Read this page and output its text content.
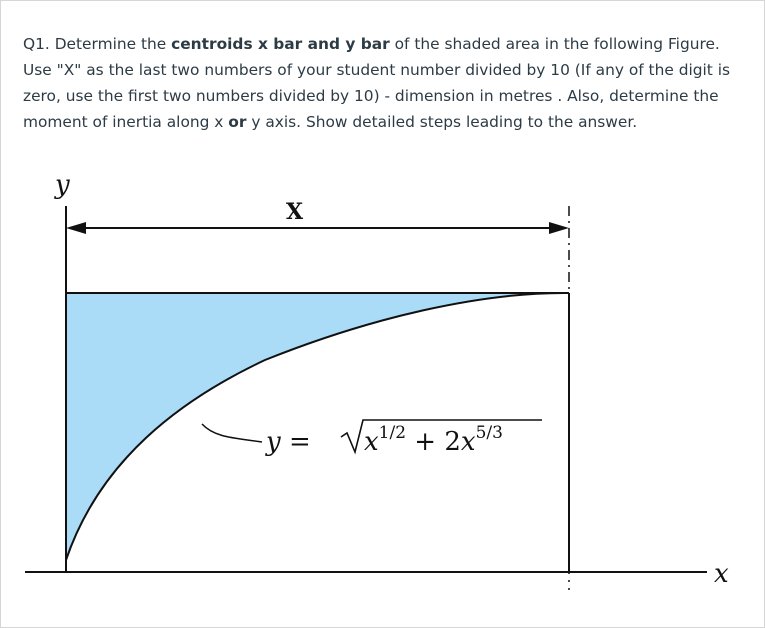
Q1. Determine the centroids x bar and y bar of the shaded area in the following Figure. Use "X" as the last two numbers of your student number divided by 10 (If any of the digit is zero, use the first two numbers divided by 10) - dimension in metres . Also, determine the moment of inertia along x or y axis. Show detailed steps leading to the answer.

y
x
X
$y = x^{1/2} + 2x^{5/3}$
